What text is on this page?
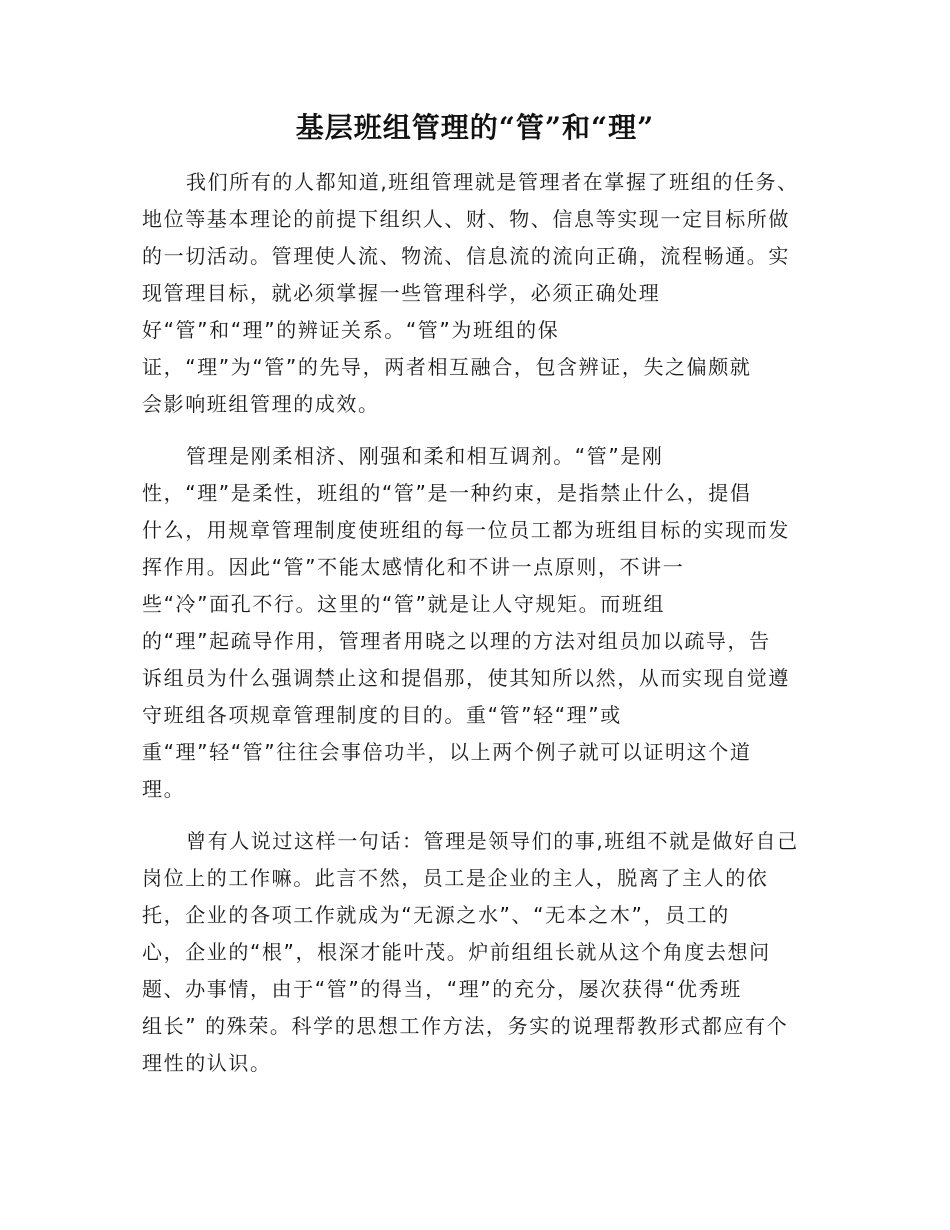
基层班组管理的“管”和“理”
我们所有的人都知道,班组管理就是管理者在掌握了班组的任务、
地位等基本理论的前提下组织人、财、物、信息等实现一定目标所做
的一切活动。管理使人流、物流、信息流的流向正确，流程畅通。实
现管理目标，就必须掌握一些管理科学，必须正确处理
好“管”和“理”的辨证关系。“管”为班组的保
证，“理”为“管”的先导，两者相互融合，包含辨证，失之偏颇就
会影响班组管理的成效。
管理是刚柔相济、刚强和柔和相互调剂。“管”是刚
性，“理”是柔性，班组的“管”是一种约束，是指禁止什么，提倡
什么，用规章管理制度使班组的每一位员工都为班组目标的实现而发
挥作用。因此“管”不能太感情化和不讲一点原则，不讲一
些“冷”面孔不行。这里的“管”就是让人守规矩。而班组
的“理”起疏导作用，管理者用晓之以理的方法对组员加以疏导，告
诉组员为什么强调禁止这和提倡那，使其知所以然，从而实现自觉遵
守班组各项规章管理制度的目的。重“管”轻“理”或
重“理”轻“管”往往会事倍功半，以上两个例子就可以证明这个道
理。
曾有人说过这样一句话：管理是领导们的事,班组不就是做好自己
岗位上的工作嘛。此言不然，员工是企业的主人，脱离了主人的依
托，企业的各项工作就成为“无源之水”、“无本之木”，员工的
心，企业的“根”，根深才能叶茂。炉前组组长就从这个角度去想问
题、办事情，由于“管”的得当，“理”的充分，屡次获得“优秀班
组长” 的殊荣。科学的思想工作方法，务实的说理帮教形式都应有个
理性的认识。
